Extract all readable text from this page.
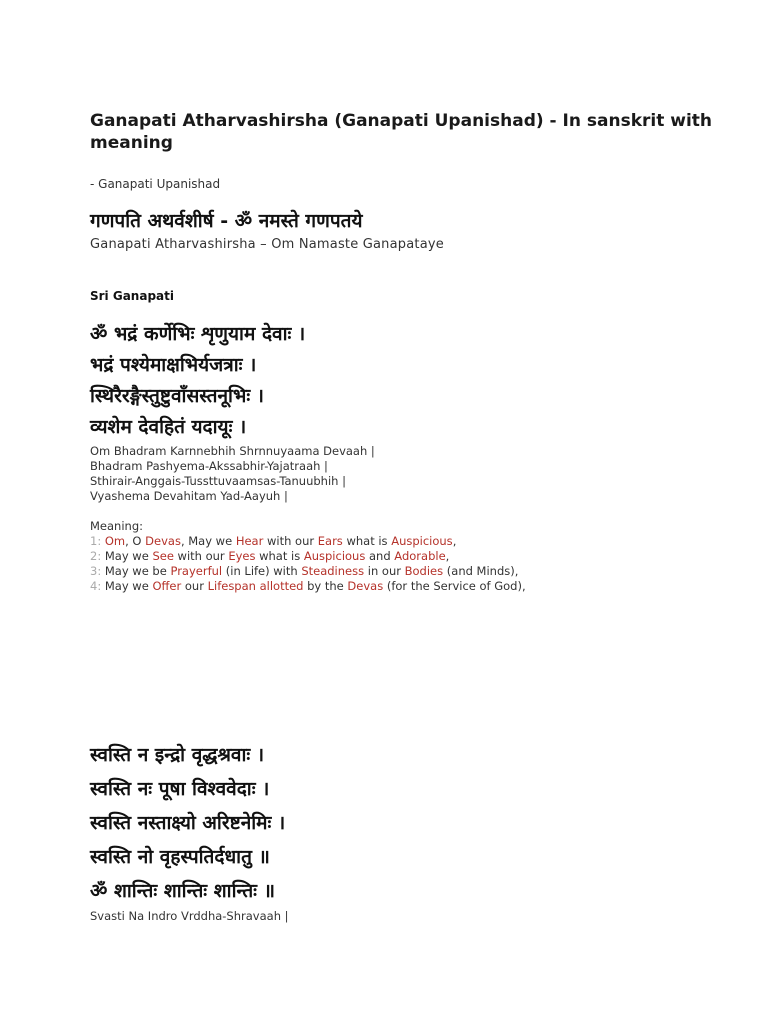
Ganapati Atharvashirsha (Ganapati Upanishad) - In sanskrit with meaning
- Ganapati Upanishad
गणपति अथर्वशीर्ष - ॐ नमस्ते गणपतये
Ganapati Atharvashirsha – Om Namaste Ganapataye
Sri Ganapati
ॐ भद्रं कर्णेभिः शृणुयाम देवाः ।
भद्रं पश्येमाक्षभिर्यजत्राः ।
स्थिरैरङ्गैस्तुष्टुवाँसस्तनूभिः ।
व्यशेम देवहितं यदायूः ।
Om Bhadram Karnnebhih Shrnnuyaama Devaah |
Bhadram Pashyema-Akssabhir-Yajatraah |
Sthirair-Anggais-Tussttuvaamsas-Tanuubhih |
Vyashema Devahitam Yad-Aayuh |
Meaning:
1: Om, O Devas, May we Hear with our Ears what is Auspicious,
2: May we See with our Eyes what is Auspicious and Adorable,
3: May we be Prayerful (in Life) with Steadiness in our Bodies (and Minds),
4: May we Offer our Lifespan allotted by the Devas (for the Service of God),
स्वस्ति न इन्द्रो वृद्धश्रवाः ।
स्वस्ति नः पूषा विश्ववेदाः ।
स्वस्ति नस्ताक्ष्यो अरिष्टनेमिः ।
स्वस्ति नो वृहस्पतिर्दधातु ॥
ॐ शान्तिः शान्तिः शान्तिः ॥
Svasti Na Indro Vrddha-Shravaah |
